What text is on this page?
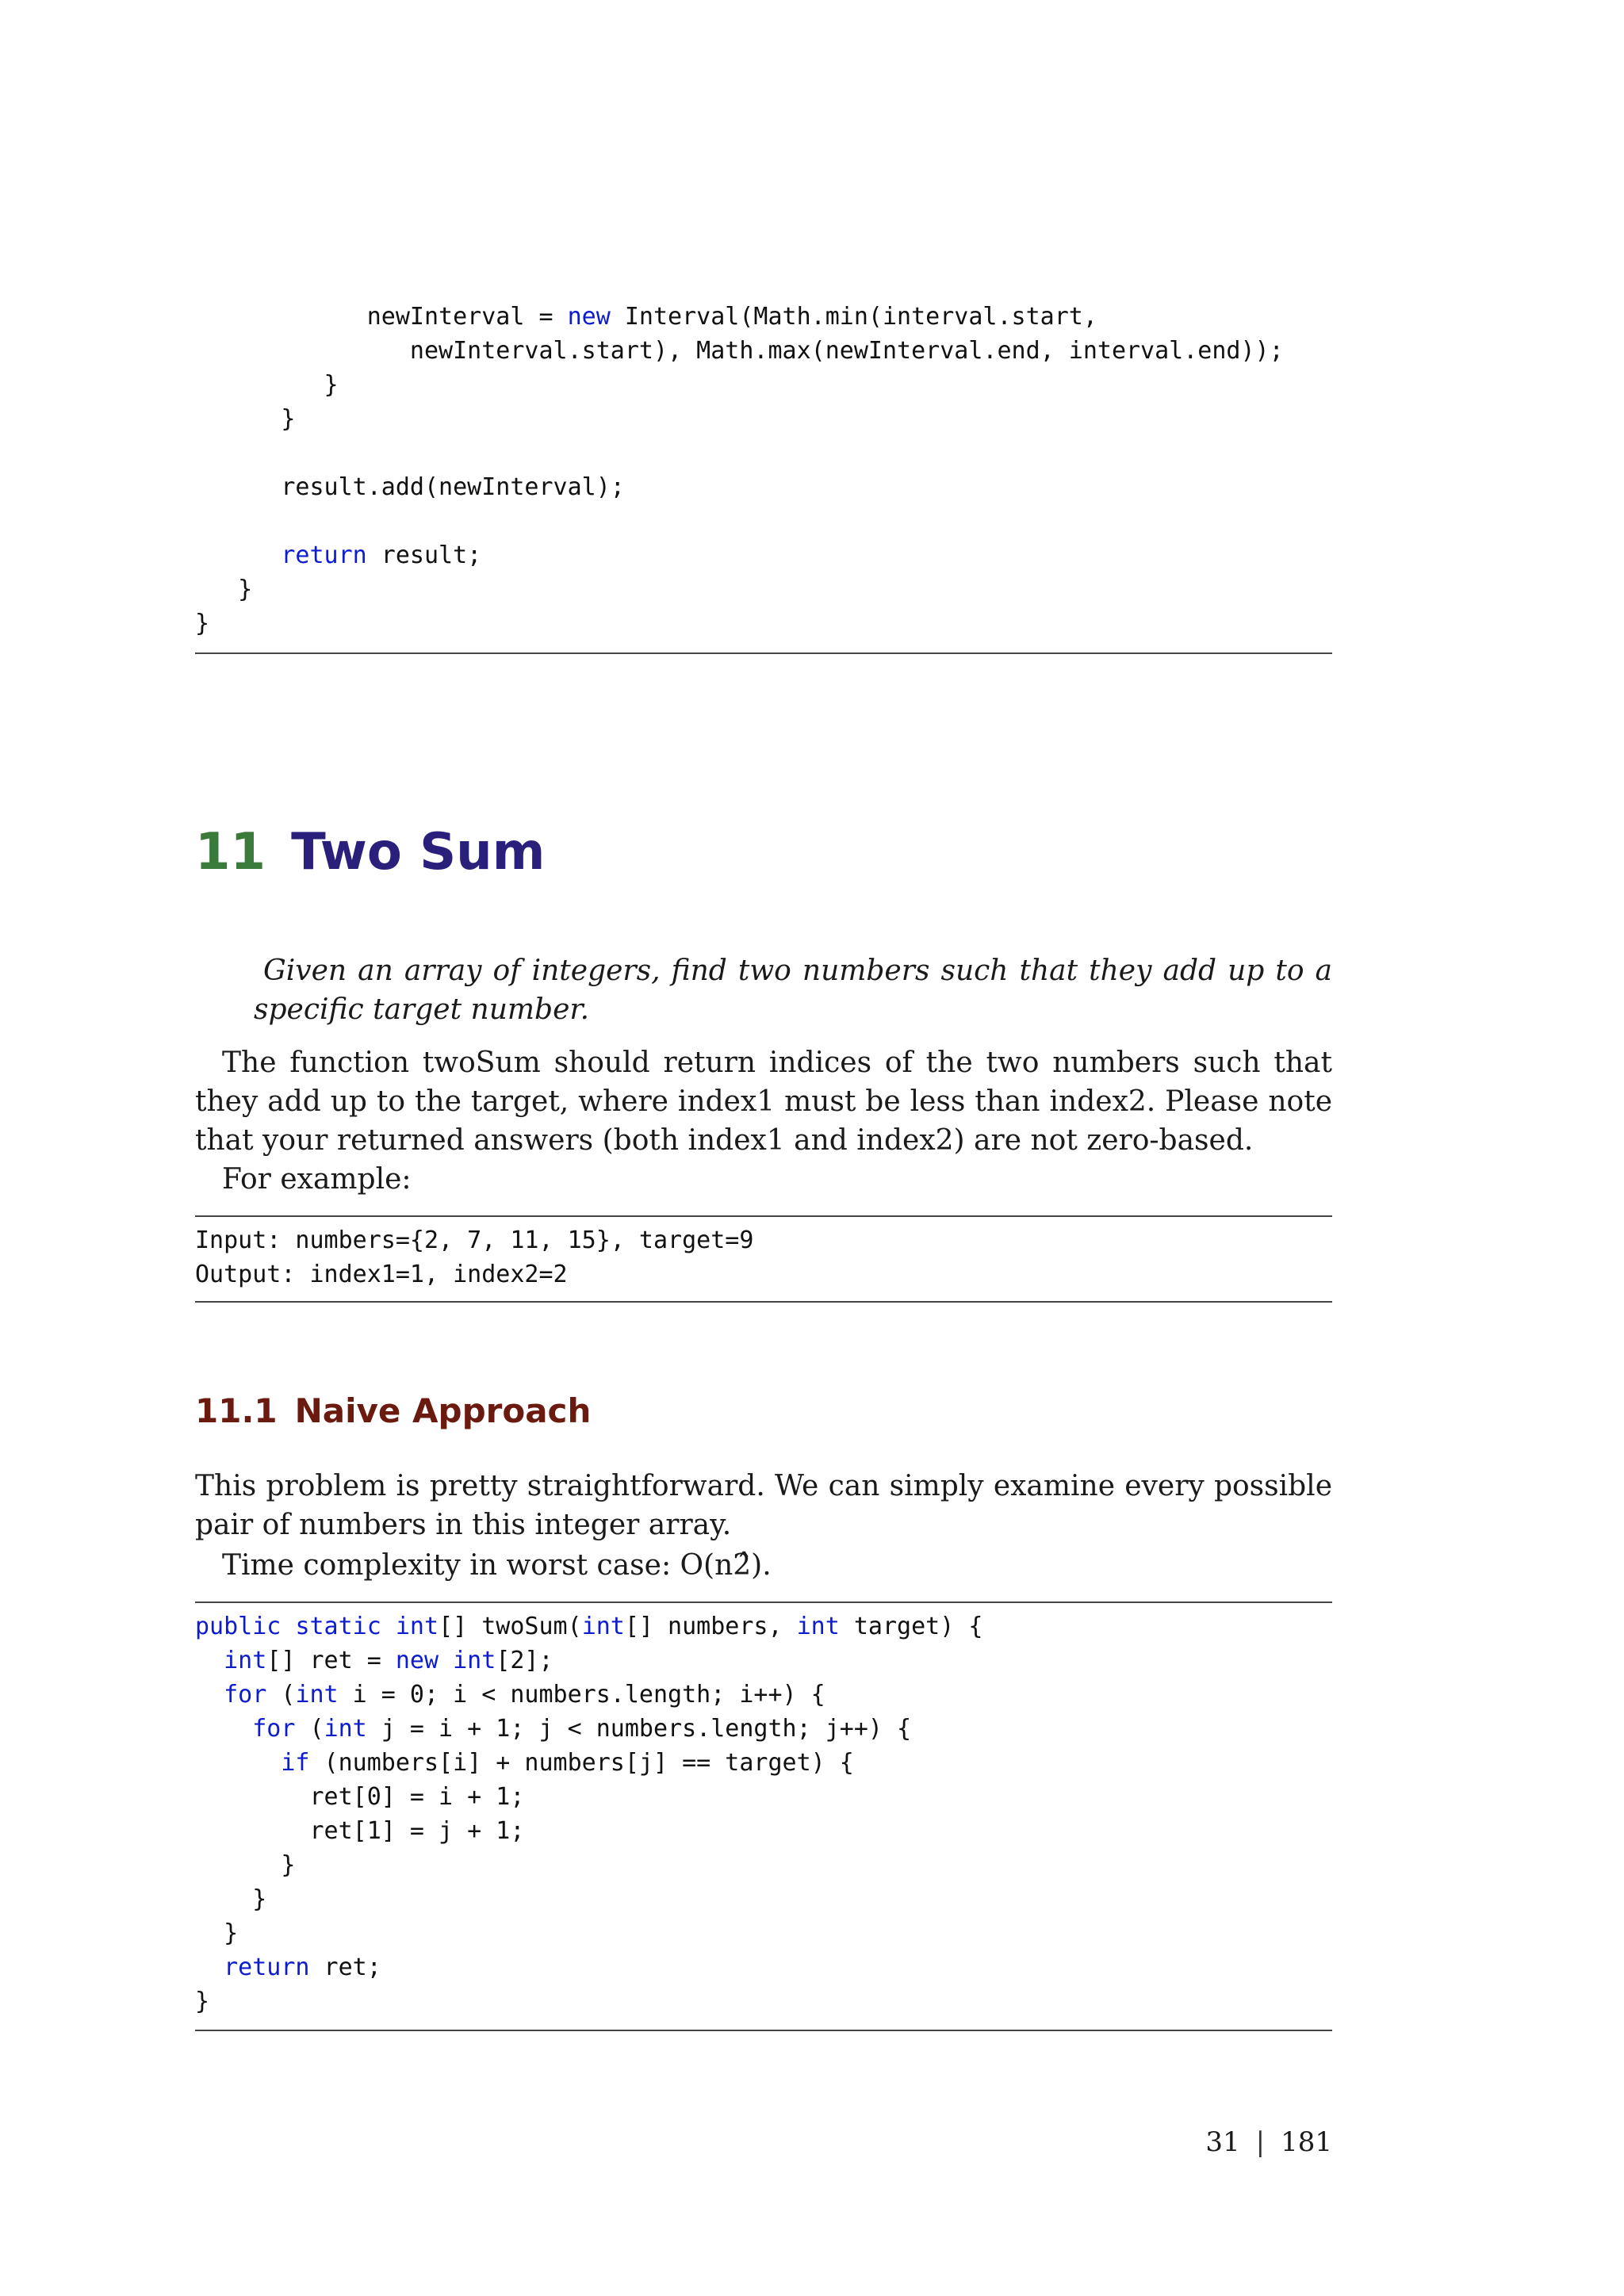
newInterval = new Interval(Math.min(interval.start,
newInterval.start), Math.max(newInterval.end, interval.end));
}
}

result.add(newInterval);

return result;
}
}
11 Two Sum

Given an array of integers, find two numbers such that they add up to a specific target number.

The function twoSum should return indices of the two numbers such that they add up to the target, where index1 must be less than index2. Please note that your returned answers (both index1 and index2) are not zero-based.

For example:

Input: numbers={2, 7, 11, 15}, target=9
Output: index1=1, index2=2
11.1 Naive Approach

This problem is pretty straightforward. We can simply examine every possible pair of numbers in this integer array.

Time complexity in worst case: O(n2̂).

public static int[] twoSum(int[] numbers, int target) {
int[] ret = new int[2];
for (int i = 0; i < numbers.length; i++) {
for (int j = i + 1; j < numbers.length; j++) {
if (numbers[i] + numbers[j] == target) {
ret[0] = i + 1;
ret[1] = j + 1;
}
}
}
return ret;
}
31 | 181
